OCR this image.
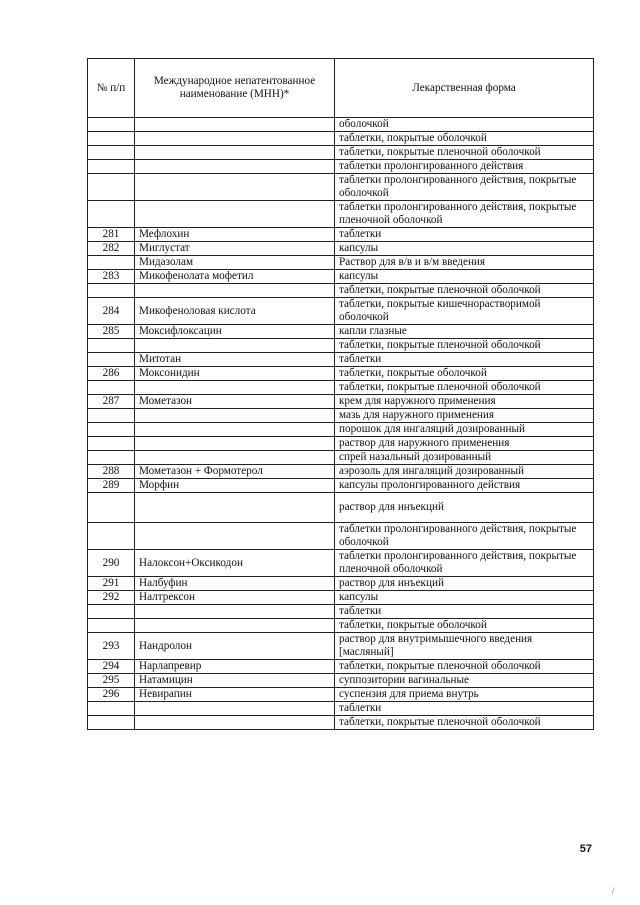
№ п/п	Международное непатентованное наименование (МНН)*	Лекарственная форма
		оболочкой
		таблетки, покрытые оболочкой
		таблетки, покрытые пленочной оболочкой
		таблетки пролонгированного действия
		таблетки пролонгированного действия, покрытые оболочкой
		таблетки пролонгированного действия, покрытые пленочной оболочкой
281	Мефлохин	таблетки
282	Миглустат	капсулы
	Мидазолам	Раствор для в/в и в/м введения
283	Микофенолата мофетил	капсулы
		таблетки, покрытые пленочной оболочкой
284	Микофеноловая кислота	таблетки, покрытые кишечнорастворимой оболочкой
285	Моксифлоксацин	капли глазные
		таблетки, покрытые пленочной оболочкой
	Митотан	таблетки
286	Моксонидин	таблетки, покрытые оболочкой
		таблетки, покрытые пленочной оболочкой
287	Мометазон	крем для наружного применения
		мазь для наружного применения
		порошок для ингаляций дозированный
		раствор для наружного применения
		спрей назальный дозированный
288	Мометазон + Формотерол	аэрозоль для ингаляций дозированный
289	Морфин	капсулы пролонгированного действия
		раствор для инъекций
		таблетки пролонгированного действия, покрытые оболочкой
290	Налоксон+Оксикодон	таблетки пролонгированного действия, покрытые пленочной оболочкой
291	Налбуфин	раствор для инъекций
292	Налтрексон	капсулы
		таблетки
		таблетки, покрытые оболочкой
293	Нандролон	раствор для внутримышечного введения [масляный]
294	Нарлапревир	таблетки, покрытые пленочной оболочкой
295	Натамицин	суппозитории вагинальные
296	Невирапин	суспензия для приема внутрь
		таблетки
		таблетки, покрытые пленочной оболочкой
57
/
